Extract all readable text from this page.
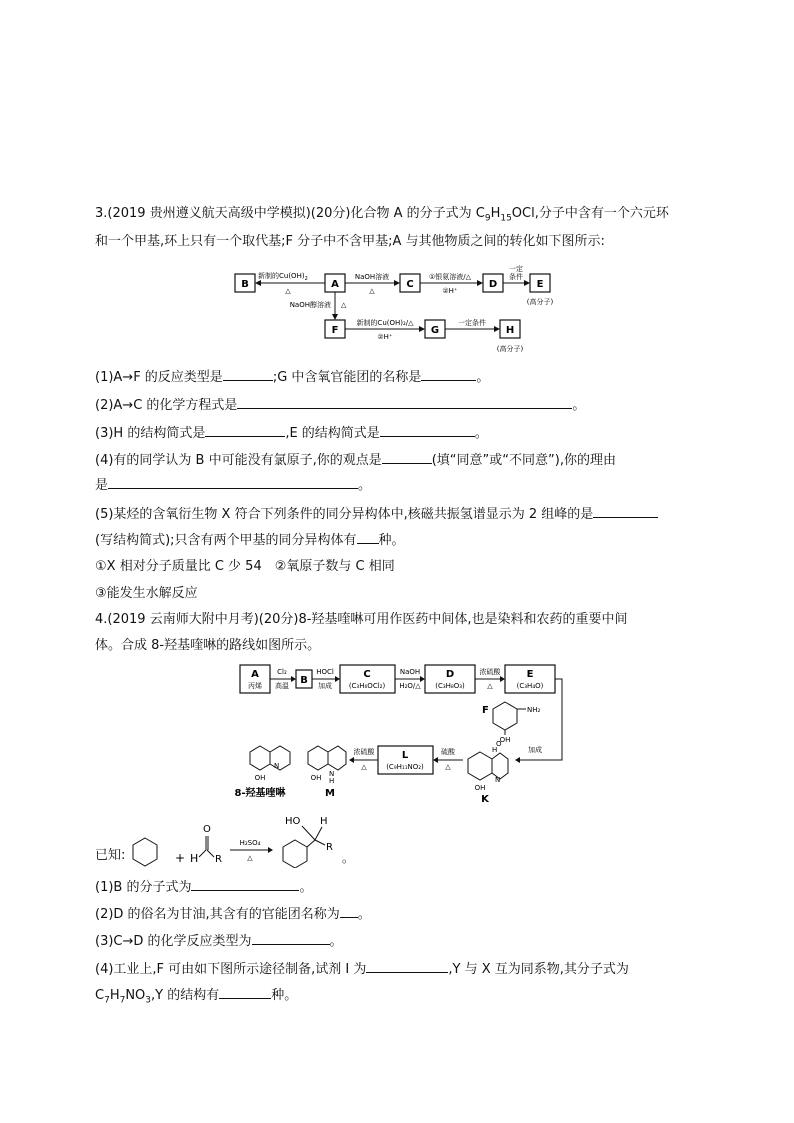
3.(2019 贵州遵义航天高级中学模拟)(20分)化合物 A 的分子式为 $C_9H_{15}OCl$,分子中含有一个六元环
和一个甲基,环上只有一个取代基;F 分子中不含甲基;A 与其他物质之间的转化如下图所示:
B	A	C	D	E
F	G	H
新制的$Cu(OH)_2$
△
NaOH溶液
△
①银氨溶液/△
②H⁺
一定
条件
(高分子)
NaOH醇溶液 △
新制的Cu(OH)₂/△
②H⁺
一定条件
(高分子)
(1)A→F 的反应类型是	;G 中含氧官能团的名称是	。
(2)A→C 的化学方程式是	。
(3)H 的结构简式是	,E 的结构简式是	。
(4)有的同学认为 B 中可能没有氯原子,你的观点是	(填“同意”或“不同意”),你的理由
是	。
(5)某烃的含氧衍生物 X 符合下列条件的同分异构体中,核磁共振氢谱显示为 2 组峰的是
(写结构简式);只含有两个甲基的同分异构体有 种。
①X 相对分子质量比 C 少 54　②氧原子数与 C 相同
③能发生水解反应
4.(2019 云南师大附中月考)(20分)8-羟基喹啉可用作医药中间体,也是染料和农药的重要中间
体。合成 8-羟基喹啉的路线如图所示。
A
丙烯	B
C
(C₃H₆OCl₂)
D
(C₃H₈O₃)
E
(C₃H₄O)
Cl₂
高温
HOCl
加成
NaOH
H₂O/△
浓硫酸
△
加成
NH₂
F
OH
O
H
N
OH
K
硫酸
△
L
(C₉H₁₁NO₂)
浓硫酸
△
N
H
OH
M
N
OH
8-羟基喹啉
已知:	+ H
O
R
H₂SO₄
△
HO H
R
。
(1)B 的分子式为	。
(2)D 的俗名为甘油,其含有的官能团名称为 。
(3)C→D 的化学反应类型为	。
(4)工业上,F 可由如下图所示途径制备,试剂 I 为	,Y 与 X 互为同系物,其分子式为
$C_7H_7NO_3,Y$ 的结构有	种。
